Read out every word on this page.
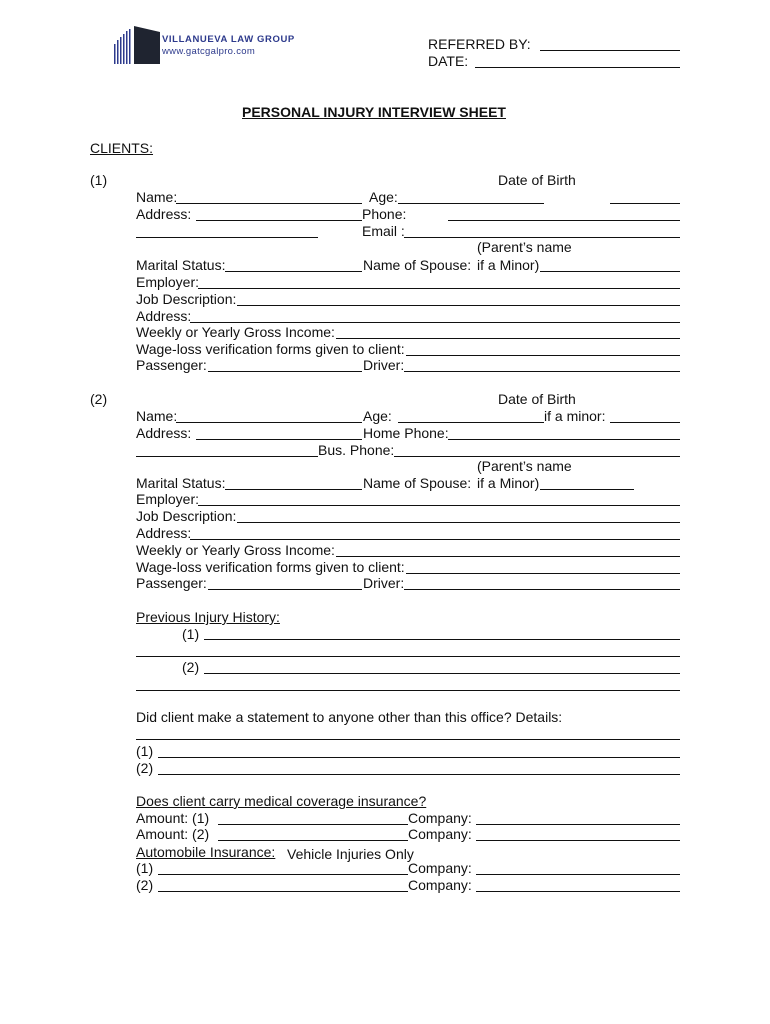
VILLANUEVA LAW GROUP
www.gatcgalpro.com	REFERRED BY:
DATE:
PERSONAL INJURY INTERVIEW SHEET
CLIENTS:
(1)	Date of Birth
Name:	Age:
Address:	Phone:
Email :
(Parent’s name
Marital Status:	Name of Spouse: if a Minor)
Employer:
Job Description:
Address:
Weekly or Yearly Gross Income:
Wage-loss verification forms given to client:
Passenger:	Driver:
(2)	Date of Birth
Name:	Age:	if a minor:
Address:	Home Phone:
Bus. Phone:
(Parent’s name
Marital Status:	Name of Spouse: if a Minor)
Employer:
Job Description:
Address:
Weekly or Yearly Gross Income:
Wage-loss verification forms given to client:
Passenger:	Driver:
Previous Injury History:
(1)
(2)
Did client make a statement to anyone other than this office? Details:
(1)
(2)
Does client carry medical coverage insurance?
Amount: (1)	Company:
Amount: (2)	Company:
Automobile Insurance: Vehicle Injuries Only
(1)	Company:
(2)	Company:
